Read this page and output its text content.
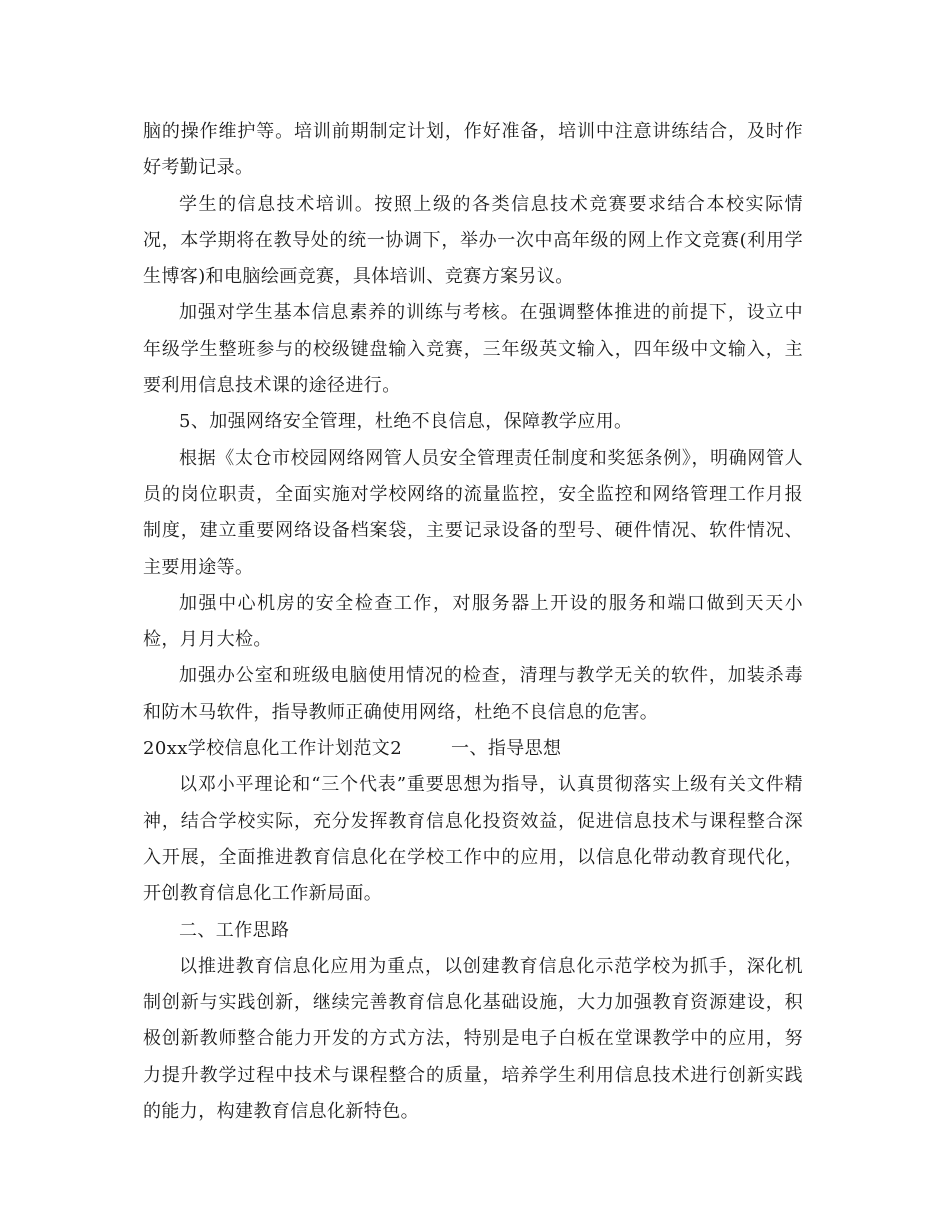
脑的操作维护等。培训前期制定计划，作好准备，培训中注意讲练结合，及时作好考勤记录。

学生的信息技术培训。按照上级的各类信息技术竞赛要求结合本校实际情况，本学期将在教导处的统一协调下，举办一次中高年级的网上作文竞赛(利用学生博客)和电脑绘画竞赛，具体培训、竞赛方案另议。

加强对学生基本信息素养的训练与考核。在强调整体推进的前提下，设立中年级学生整班参与的校级键盘输入竞赛，三年级英文输入，四年级中文输入，主要利用信息技术课的途径进行。

5、加强网络安全管理，杜绝不良信息，保障教学应用。

根据《太仓市校园网络网管人员安全管理责任制度和奖惩条例》，明确网管人员的岗位职责，全面实施对学校网络的流量监控，安全监控和网络管理工作月报制度，建立重要网络设备档案袋，主要记录设备的型号、硬件情况、软件情况、主要用途等。

加强中心机房的安全检查工作，对服务器上开设的服务和端口做到天天小检，月月大检。

加强办公室和班级电脑使用情况的检查，清理与教学无关的软件，加装杀毒和防木马软件，指导教师正确使用网络，杜绝不良信息的危害。

20xx学校信息化工作计划范文2	一、指导思想

以邓小平理论和“三个代表”重要思想为指导，认真贯彻落实上级有关文件精神，结合学校实际，充分发挥教育信息化投资效益，促进信息技术与课程整合深入开展，全面推进教育信息化在学校工作中的应用，以信息化带动教育现代化，开创教育信息化工作新局面。

二、工作思路

以推进教育信息化应用为重点，以创建教育信息化示范学校为抓手，深化机制创新与实践创新，继续完善教育信息化基础设施，大力加强教育资源建设，积极创新教师整合能力开发的方式方法，特别是电子白板在堂课教学中的应用，努力提升教学过程中技术与课程整合的质量，培养学生利用信息技术进行创新实践的能力，构建教育信息化新特色。
